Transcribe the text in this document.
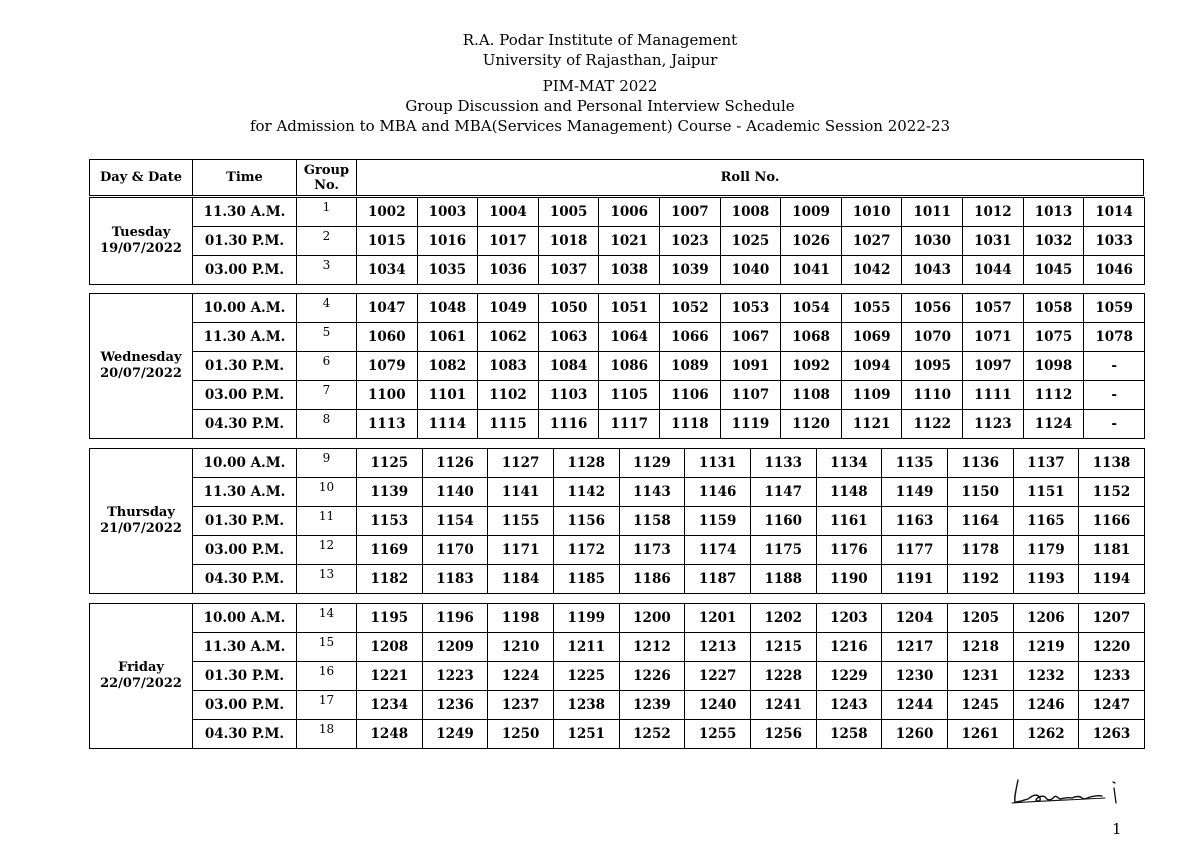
R.A. Podar Institute of Management
University of Rajasthan, Jaipur
PIM-MAT 2022
Group Discussion and Personal Interview Schedule
for Admission to MBA and MBA(Services Management) Course - Academic Session 2022-23
Day & Date	Time	Group No.	Roll No.
Tuesday
19/07/2022	11.30 A.M.	1	1002	1003	1004	1005	1006	1007	1008	1009	1010	1011	1012	1013	1014
	01.30 P.M.	2	1015	1016	1017	1018	1021	1023	1025	1026	1027	1030	1031	1032	1033
	03.00 P.M.	3	1034	1035	1036	1037	1038	1039	1040	1041	1042	1043	1044	1045	1046
Wednesday
20/07/2022	10.00 A.M.	4	1047	1048	1049	1050	1051	1052	1053	1054	1055	1056	1057	1058	1059
	11.30 A.M.	5	1060	1061	1062	1063	1064	1066	1067	1068	1069	1070	1071	1075	1078
	01.30 P.M.	6	1079	1082	1083	1084	1086	1089	1091	1092	1094	1095	1097	1098	-
	03.00 P.M.	7	1100	1101	1102	1103	1105	1106	1107	1108	1109	1110	1111	1112	-
	04.30 P.M.	8	1113	1114	1115	1116	1117	1118	1119	1120	1121	1122	1123	1124	-
Thursday
21/07/2022	10.00 A.M.	9	1125	1126	1127	1128	1129	1131	1133	1134	1135	1136	1137	1138
	11.30 A.M.	10	1139	1140	1141	1142	1143	1146	1147	1148	1149	1150	1151	1152
	01.30 P.M.	11	1153	1154	1155	1156	1158	1159	1160	1161	1163	1164	1165	1166
	03.00 P.M.	12	1169	1170	1171	1172	1173	1174	1175	1176	1177	1178	1179	1181
	04.30 P.M.	13	1182	1183	1184	1185	1186	1187	1188	1190	1191	1192	1193	1194
Friday
22/07/2022	10.00 A.M.	14	1195	1196	1198	1199	1200	1201	1202	1203	1204	1205	1206	1207
	11.30 A.M.	15	1208	1209	1210	1211	1212	1213	1215	1216	1217	1218	1219	1220
	01.30 P.M.	16	1221	1223	1224	1225	1226	1227	1228	1229	1230	1231	1232	1233
	03.00 P.M.	17	1234	1236	1237	1238	1239	1240	1241	1243	1244	1245	1246	1247
	04.30 P.M.	18	1248	1249	1250	1251	1252	1255	1256	1258	1260	1261	1262	1263
1
